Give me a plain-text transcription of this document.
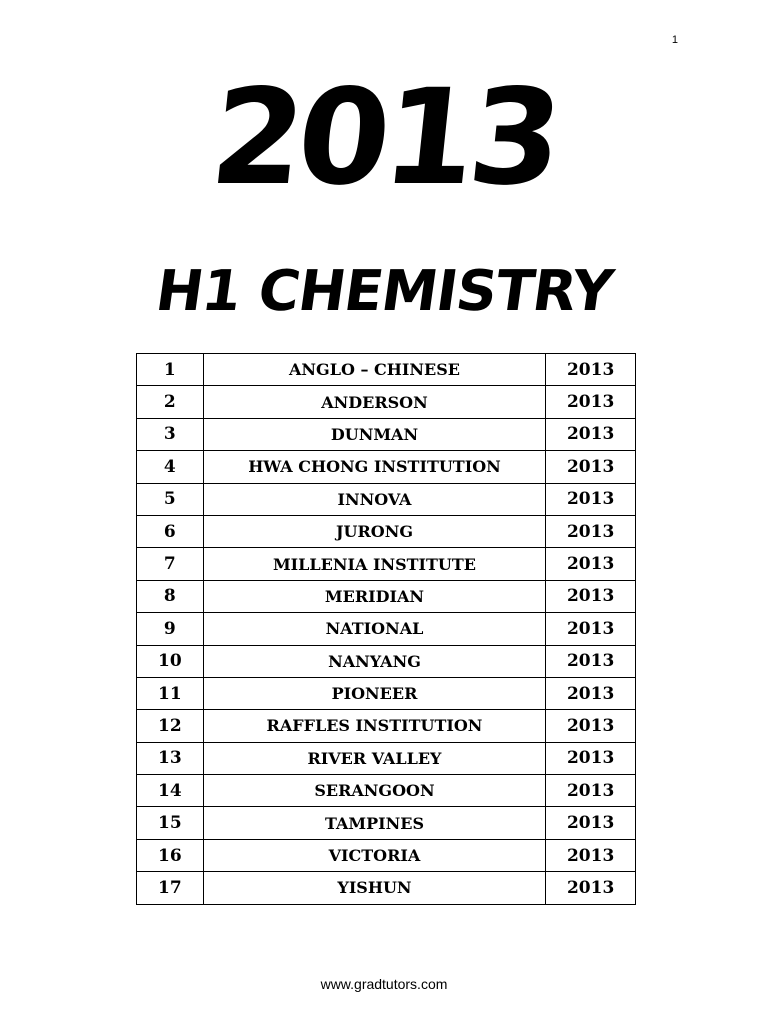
1
2013
H1 CHEMISTRY
1	ANGLO – CHINESE	2013
2	ANDERSON	2013
3	DUNMAN	2013
4	HWA CHONG INSTITUTION	2013
5	INNOVA	2013
6	JURONG	2013
7	MILLENIA INSTITUTE	2013
8	MERIDIAN	2013
9	NATIONAL	2013
10	NANYANG	2013
11	PIONEER	2013
12	RAFFLES INSTITUTION	2013
13	RIVER VALLEY	2013
14	SERANGOON	2013
15	TAMPINES	2013
16	VICTORIA	2013
17	YISHUN	2013
www.gradtutors.com
